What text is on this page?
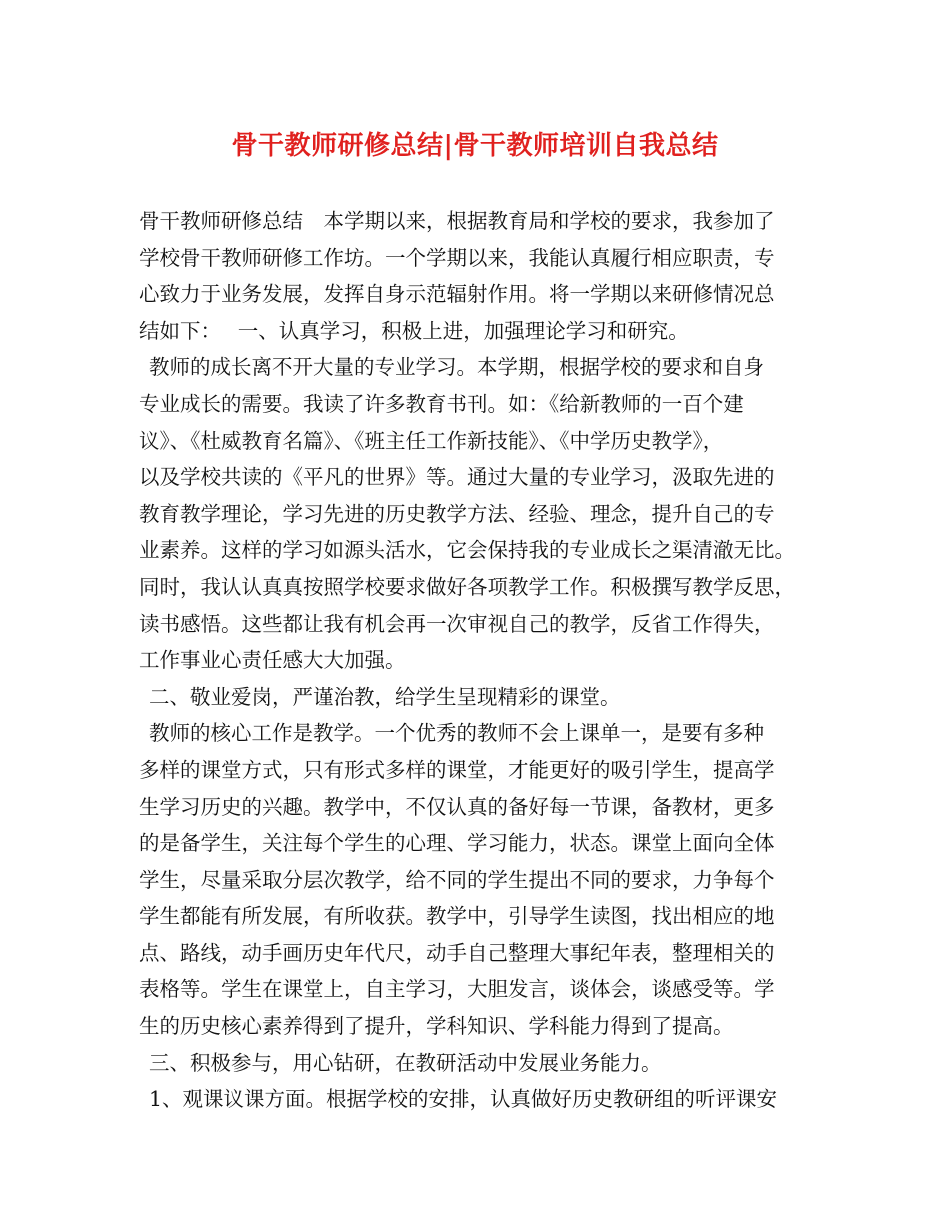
骨干教师研修总结|骨干教师培训自我总结
骨干教师研修总结　本学期以来，根据教育局和学校的要求，我参加了
学校骨干教师研修工作坊。一个学期以来，我能认真履行相应职责，专
心致力于业务发展，发挥自身示范辐射作用。将一学期以来研修情况总
结如下：　 一、认真学习，积极上进，加强理论学习和研究。
教师的成长离不开大量的专业学习。本学期，根据学校的要求和自身
专业成长的需要。我读了许多教育书刊。如：《给新教师的一百个建
议》、《杜威教育名篇》、《班主任工作新技能》、《中学历史教学》，
以及学校共读的《平凡的世界》等。通过大量的专业学习，汲取先进的
教育教学理论，学习先进的历史教学方法、经验、理念，提升自己的专
业素养。这样的学习如源头活水，它会保持我的专业成长之渠清澈无比。
同时，我认认真真按照学校要求做好各项教学工作。积极撰写教学反思，
读书感悟。这些都让我有机会再一次审视自己的教学，反省工作得失，
工作事业心责任感大大加强。
二、敬业爱岗，严谨治教，给学生呈现精彩的课堂。
教师的核心工作是教学。一个优秀的教师不会上课单一，是要有多种
多样的课堂方式，只有形式多样的课堂，才能更好的吸引学生，提高学
生学习历史的兴趣。教学中，不仅认真的备好每一节课，备教材，更多
的是备学生，关注每个学生的心理、学习能力，状态。课堂上面向全体
学生，尽量采取分层次教学，给不同的学生提出不同的要求，力争每个
学生都能有所发展，有所收获。教学中，引导学生读图，找出相应的地
点、路线，动手画历史年代尺，动手自己整理大事纪年表，整理相关的
表格等。学生在课堂上，自主学习，大胆发言，谈体会，谈感受等。学
生的历史核心素养得到了提升，学科知识、学科能力得到了提高。
三、积极参与，用心钻研，在教研活动中发展业务能力。
1、观课议课方面。根据学校的安排，认真做好历史教研组的听评课安
